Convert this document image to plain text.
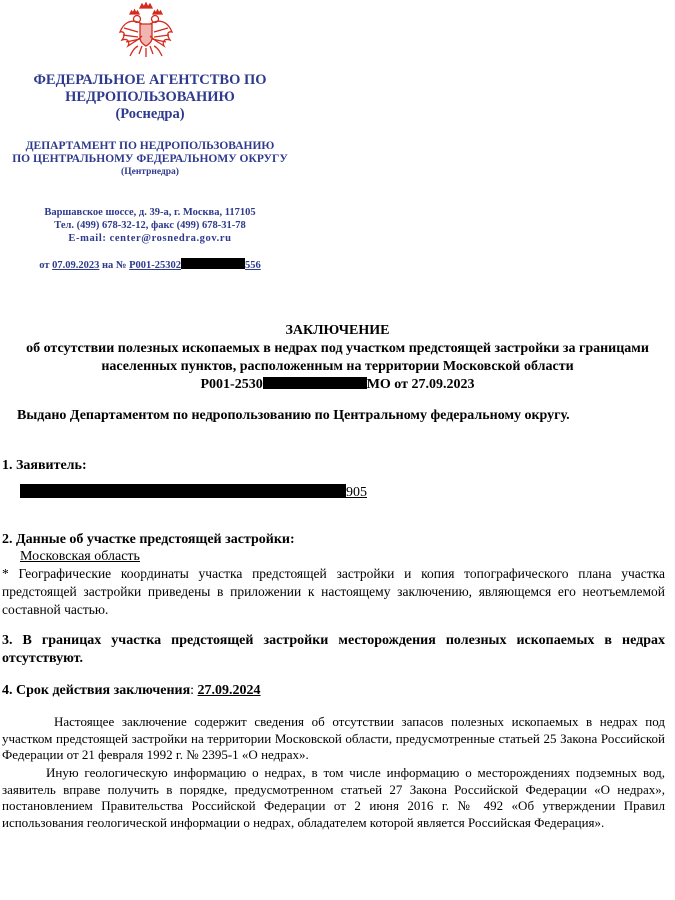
ФЕДЕРАЛЬНОЕ АГЕНТСТВО ПО
НЕДРОПОЛЬЗОВАНИЮ
(Роснедра)
ДЕПАРТАМЕНТ ПО НЕДРОПОЛЬЗОВАНИЮ
ПО ЦЕНТРАЛЬНОМУ ФЕДЕРАЛЬНОМУ ОКРУГУ
(Центрнедра)
Варшавское шоссе, д. 39-а, г. Москва, 117105
Тел. (499) 678-32-12, факс (499) 678-31-78
E-mail: center@rosnedra.gov.ru
от 07.09.2023 на № Р001-25302	556
ЗАКЛЮЧЕНИЕ
об отсутствии полезных ископаемых в недрах под участком предстоящей застройки за границами
населенных пунктов, расположенным на территории Московской области
Р001-2530	МО от 27.09.2023
Выдано Департаментом по недропользованию по Центральному федеральному округу.
1. Заявитель:
905
2. Данные об участке предстоящей застройки:
Московская область
* Географические координаты участка предстоящей застройки и копия топографического плана участка предстоящей застройки приведены в приложении к настоящему заключению, являющемся его неотъемлемой составной частью.
3. В границах участка предстоящей застройки месторождения полезных ископаемых в недрах отсутствуют.
4. Срок действия заключения: 27.09.2024
Настоящее заключение содержит сведения об отсутствии запасов полезных ископаемых в недрах под участком предстоящей застройки на территории Московской области, предусмотренные статьей 25 Закона Российской Федерации от 21 февраля 1992 г. № 2395-1 «О недрах».
Иную геологическую информацию о недрах, в том числе информацию о месторождениях подземных вод, заявитель вправе получить в порядке, предусмотренном статьей 27 Закона Российской Федерации «О недрах», постановлением Правительства Российской Федерации от 2 июня 2016 г. № 492 «Об утверждении Правил использования геологической информации о недрах, обладателем которой является Российская Федерация».
